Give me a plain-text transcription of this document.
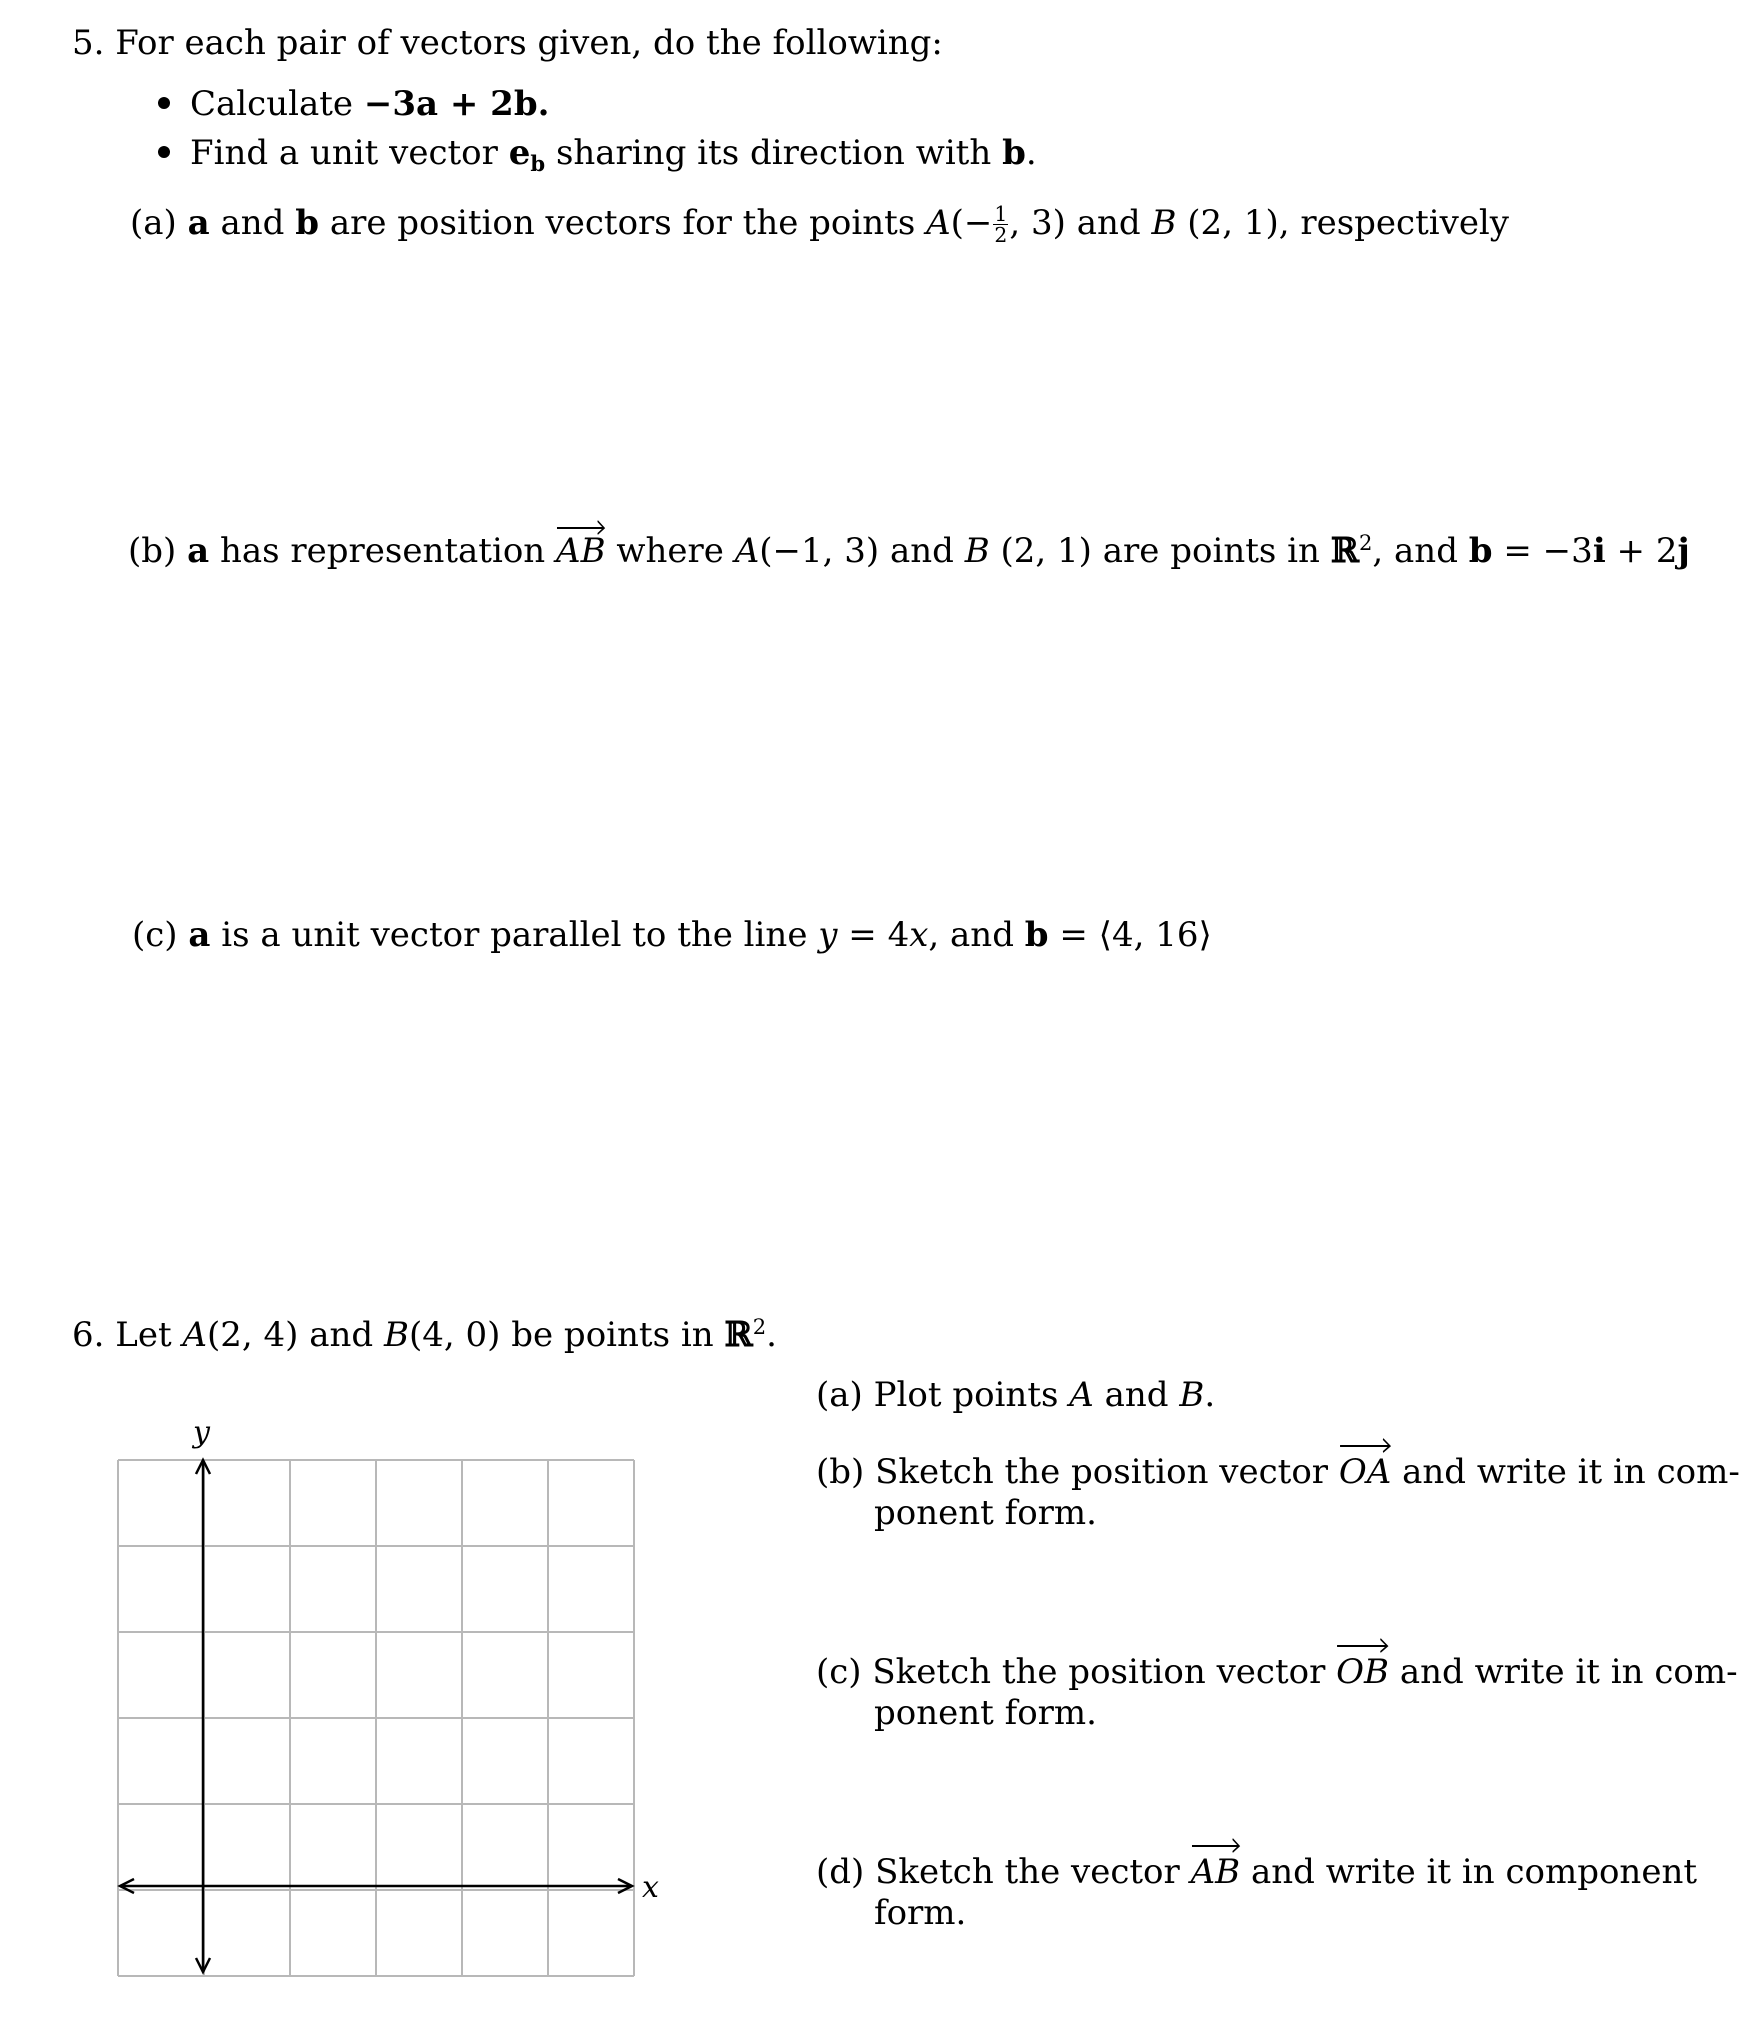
5. For each pair of vectors given, do the following:
Calculate −3a + 2b.
Find a unit vector $e_b$ sharing its direction with b.
(a) a and b are position vectors for the points $A(- \frac{1}{2}$ , 3) and B (2, 1), respectively
(b) a has representation AB where A(−1, 3) and B (2, 1) are points in ℝ$^2$, and b = −3i + 2j
(c) a is a unit vector parallel to the line y = 4x, and b = ⟨4, 16⟩
6. Let A(2, 4) and B(4, 0) be points in ℝ$^2$.
y
x
(a) Plot points A and B.
(b) Sketch the position vector OA and write it in com-
ponent form.
(c) Sketch the position vector OB and write it in com-
ponent form.
(d) Sketch the vector AB and write it in component
form.
